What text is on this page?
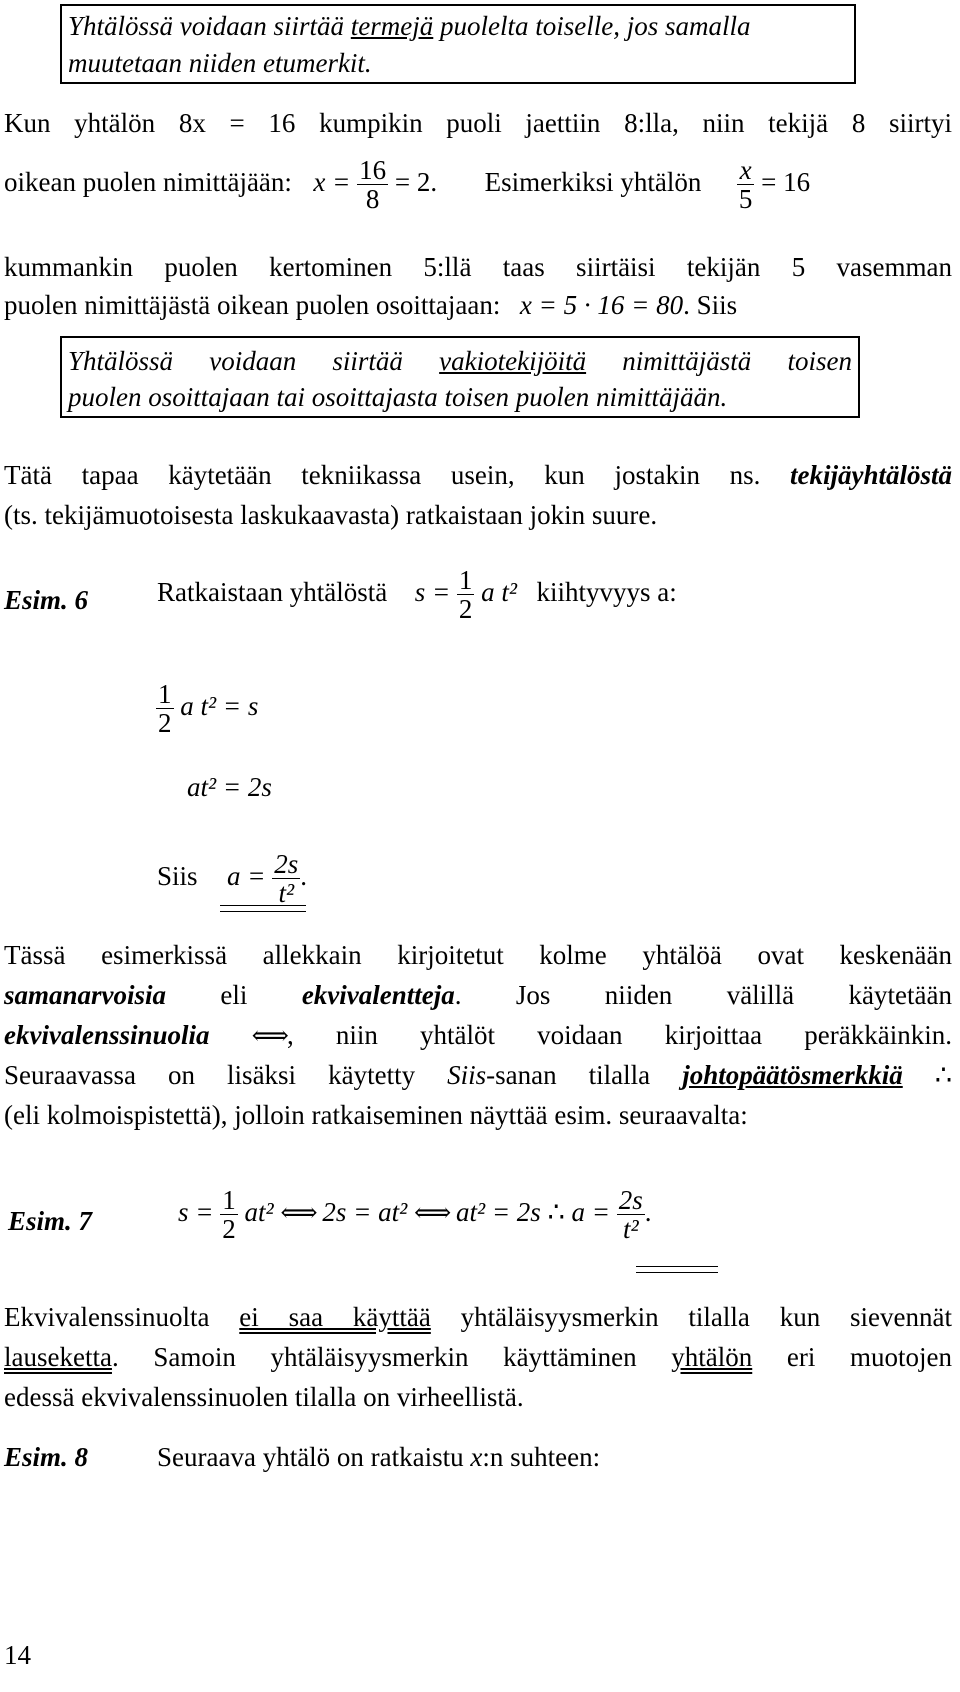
Yhtälössä voidaan siirtää termejä puolelta toiselle, jos samalla
muutetaan niiden etumerkit.
Kun yhtälön 8x = 16 kumpikin puoli jaettiin 8:lla, niin tekijä 8 siirtyi
oikean puolen nimittäjään: $x = \frac{16}{8} = 2$. Esimerkiksi yhtälön $\frac{x}{5} = 16$
kummankin puolen kertominen 5:llä taas siirtäisi tekijän 5 vasemman
puolen nimittäjästä oikean puolen osoittajaan: x = 5 · 16 = 80. Siis
Yhtälössä voidaan siirtää vakiotekijöitä nimittäjästä toisen
puolen osoittajaan tai osoittajasta toisen puolen nimittäjään.
Tätä tapaa käytetään tekniikassa usein, kun jostakin ns. tekijäyhtälöstä
(ts. tekijämuotoisesta laskukaavasta) ratkaistaan jokin suure.
Esim. 6	Ratkaistaan yhtälöstä $s = \frac{1}{2}$ a t² kiihtyvyys a:
$\frac{1}{2}$ a t² = s
at² = 2s
Siis $a = \frac{2s}{\text{t²}}$ .
Tässä esimerkissä allekkain kirjoitetut kolme yhtälöä ovat keskenään
samanarvoisia eli ekvivalentteja. Jos niiden välillä käytetään
ekvivalenssinuolia ⟺, niin yhtälöt voidaan kirjoittaa peräkkäinkin.
Seuraavassa on lisäksi käytetty Siis-sanan tilalla johtopäätösmerkkiä ∴
(eli kolmoispistettä), jolloin ratkaiseminen näyttää esim. seuraavalta:
Esim. 7	$s = \frac{1}{2} at^2$ ⟺ 2s = at² ⟺ at² = 2s ∴ $a = \frac{2s}{\text{t²}}$ .
Ekvivalenssinuolta ei saa käyttää yhtäläisyysmerkin tilalla kun sievennät
lauseketta. Samoin yhtäläisyysmerkin käyttäminen yhtälön eri muotojen
edessä ekvivalenssinuolen tilalla on virheellistä.
Esim. 8	Seuraava yhtälö on ratkaistu x:n suhteen:
14
